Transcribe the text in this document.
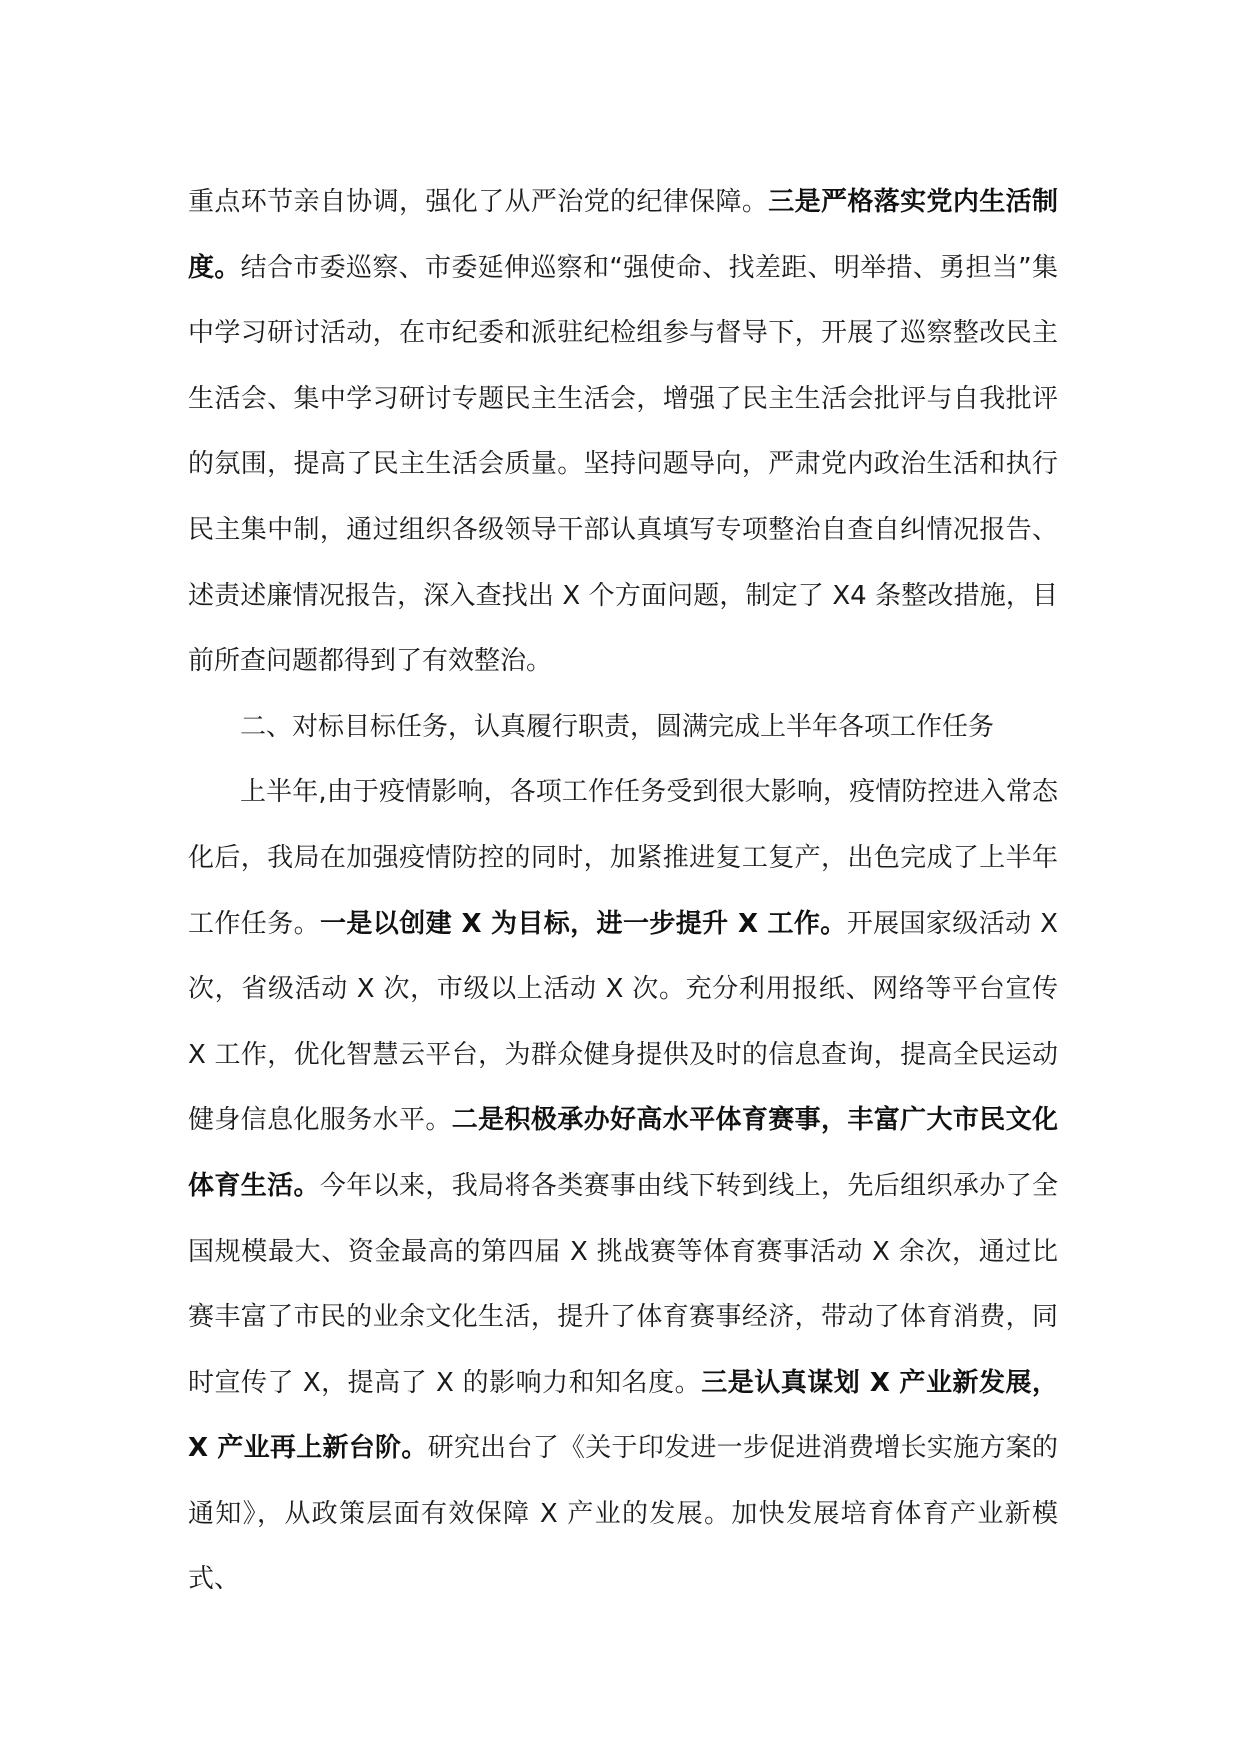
重点环节亲自协调，强化了从严治党的纪律保障。三是严格落实党内生活制度。结合市委巡察、市委延伸巡察和“强使命、找差距、明举措、勇担当”集中学习研讨活动，在市纪委和派驻纪检组参与督导下，开展了巡察整改民主生活会、集中学习研讨专题民主生活会，增强了民主生活会批评与自我批评的氛围，提高了民主生活会质量。坚持问题导向，严肃党内政治生活和执行民主集中制，通过组织各级领导干部认真填写专项整治自查自纠情况报告、述责述廉情况报告，深入查找出 X 个方面问题，制定了 X4 条整改措施，目前所查问题都得到了有效整治。

二、对标目标任务，认真履行职责，圆满完成上半年各项工作任务

上半年,由于疫情影响，各项工作任务受到很大影响，疫情防控进入常态化后，我局在加强疫情防控的同时，加紧推进复工复产，出色完成了上半年工作任务。一是以创建 X 为目标，进一步提升 X 工作。开展国家级活动 X 次，省级活动 X 次，市级以上活动 X 次。充分利用报纸、网络等平台宣传 X 工作，优化智慧云平台，为群众健身提供及时的信息查询，提高全民运动健身信息化服务水平。二是积极承办好高水平体育赛事，丰富广大市民文化体育生活。今年以来，我局将各类赛事由线下转到线上，先后组织承办了全国规模最大、资金最高的第四届 X 挑战赛等体育赛事活动 X 余次，通过比赛丰富了市民的业余文化生活，提升了体育赛事经济，带动了体育消费，同时宣传了 X，提高了 X 的影响力和知名度。三是认真谋划 X 产业新发展，X 产业再上新台阶。研究出台了《关于印发进一步促进消费增长实施方案的通知》，从政策层面有效保障 X 产业的发展。加快发展培育体育产业新模式、
